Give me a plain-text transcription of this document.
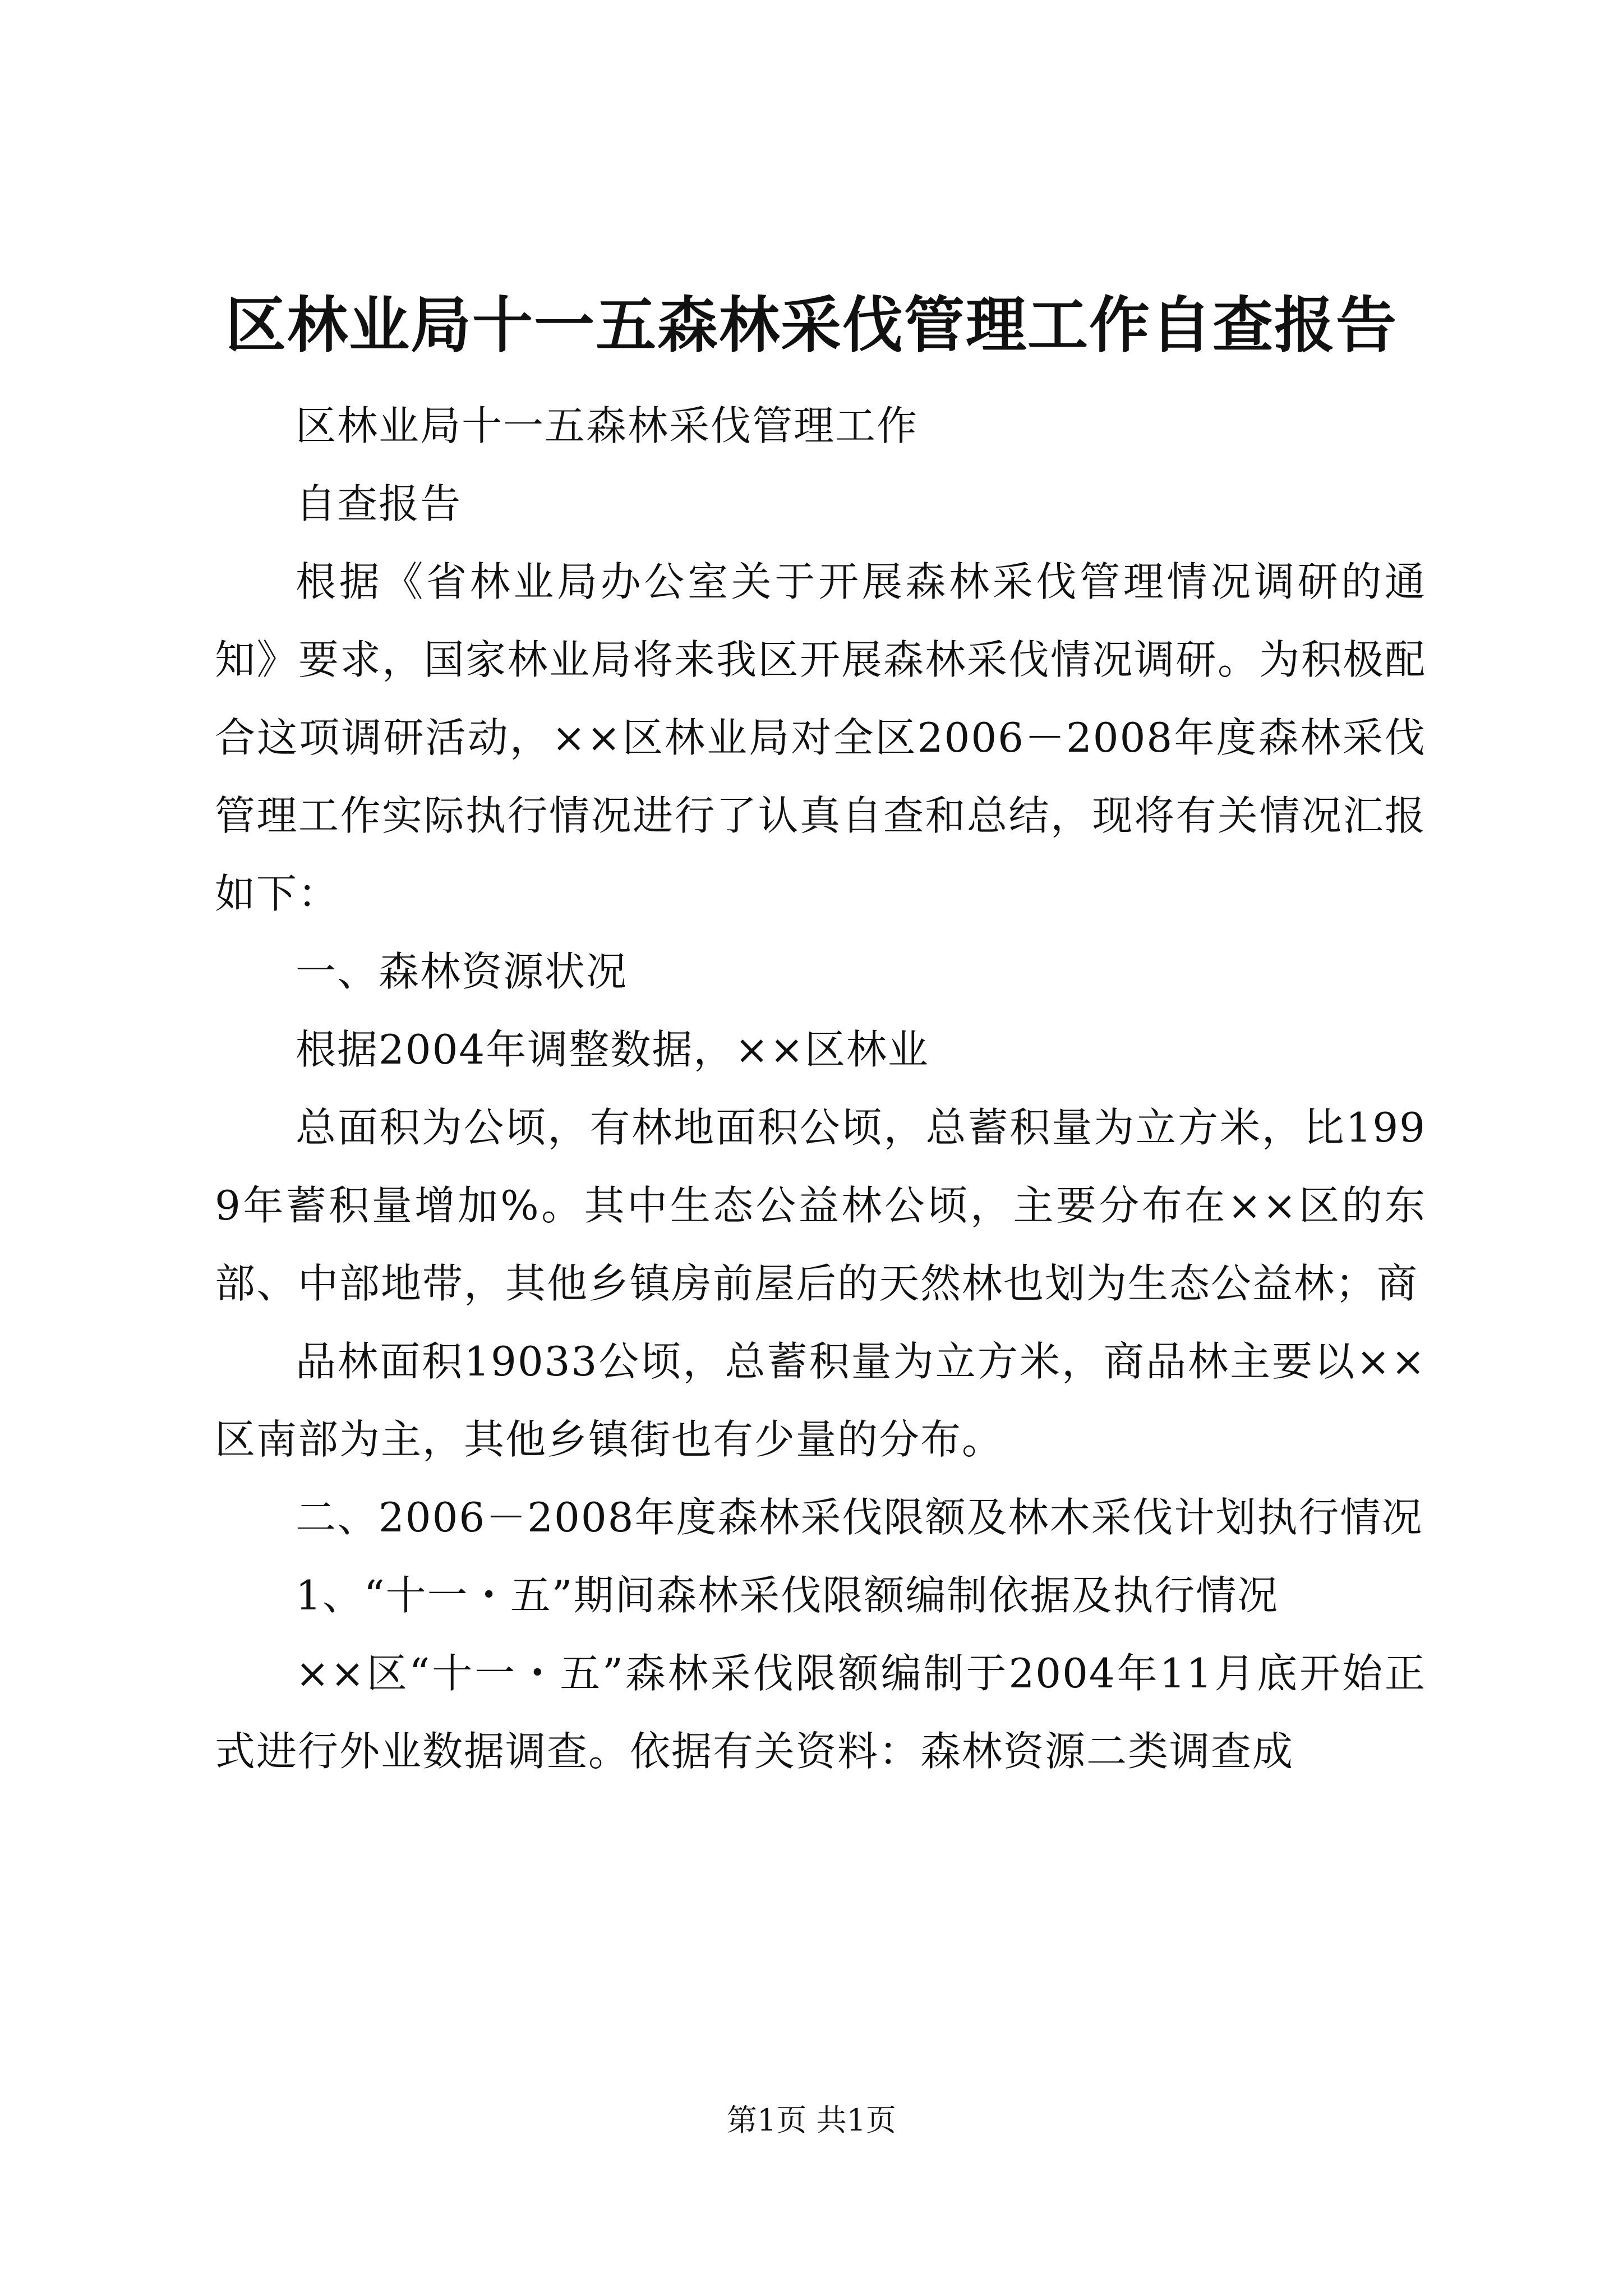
区林业局十一五森林采伐管理工作自查报告

区林业局十一五森林采伐管理工作

自查报告

根据《省林业局办公室关于开展森林采伐管理情况调研的通知》要求，国家林业局将来我区开展森林采伐情况调研。为积极配合这项调研活动，××区林业局对全区2006－2008年度森林采伐管理工作实际执行情况进行了认真自查和总结，现将有关情况汇报如下：

一、森林资源状况

根据2004年调整数据，××区林业

总面积为公顷，有林地面积公顷，总蓄积量为立方米，比1999年蓄积量增加%。其中生态公益林公顷，主要分布在××区的东部、中部地带，其他乡镇房前屋后的天然林也划为生态公益林；商

品林面积19033公顷，总蓄积量为立方米，商品林主要以××区南部为主，其他乡镇街也有少量的分布。

二、2006－2008年度森林采伐限额及林木采伐计划执行情况

1、“十一・五”期间森林采伐限额编制依据及执行情况

××区“十一・五”森林采伐限额编制于2004年11月底开始正式进行外业数据调查。依据有关资料：森林资源二类调查成

第1页 共1页
